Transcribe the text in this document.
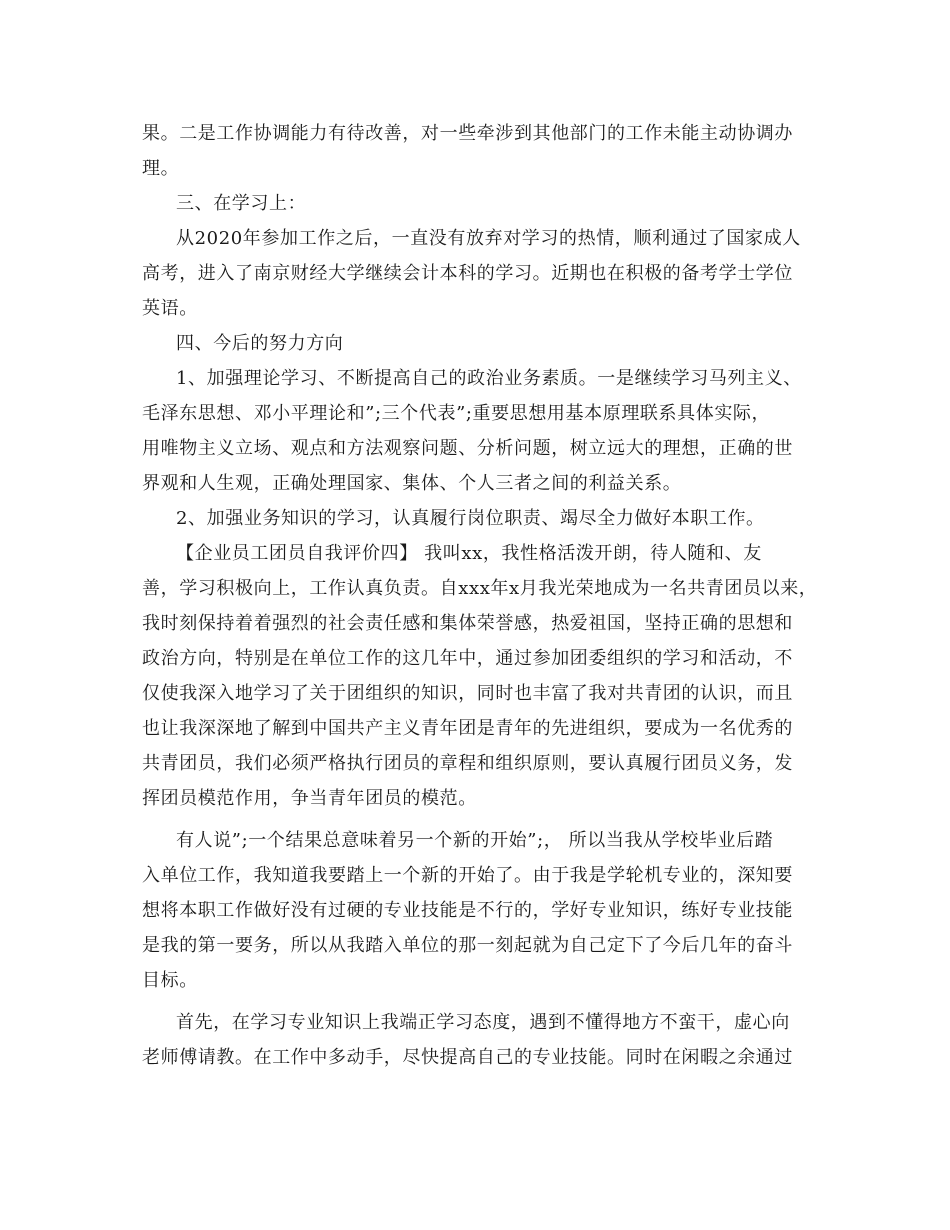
果。二是工作协调能力有待改善，对一些牵涉到其他部门的工作未能主动协调办
理。
三、在学习上：
从2020年参加工作之后，一直没有放弃对学习的热情，顺利通过了国家成人
高考，进入了南京财经大学继续会计本科的学习。近期也在积极的备考学士学位
英语。
四、今后的努力方向
1、加强理论学习、不断提高自己的政治业务素质。一是继续学习马列主义、
毛泽东思想、邓小平理论和”;三个代表”;重要思想用基本原理联系具体实际，
用唯物主义立场、观点和方法观察问题、分析问题，树立远大的理想，正确的世
界观和人生观，正确处理国家、集体、个人三者之间的利益关系。
2、加强业务知识的学习，认真履行岗位职责、竭尽全力做好本职工作。
【企业员工团员自我评价四】 我叫xx，我性格活泼开朗，待人随和、友
善，学习积极向上，工作认真负责。自xxx年x月我光荣地成为一名共青团员以来，
我时刻保持着着强烈的社会责任感和集体荣誉感，热爱祖国，坚持正确的思想和
政治方向，特别是在单位工作的这几年中，通过参加团委组织的学习和活动，不
仅使我深入地学习了关于团组织的知识，同时也丰富了我对共青团的认识，而且
也让我深深地了解到中国共产主义青年团是青年的先进组织，要成为一名优秀的
共青团员，我们必须严格执行团员的章程和组织原则，要认真履行团员义务，发
挥团员模范作用，争当青年团员的模范。
有人说”;一个结果总意味着另一个新的开始”;， 所以当我从学校毕业后踏
入单位工作，我知道我要踏上一个新的开始了。由于我是学轮机专业的，深知要
想将本职工作做好没有过硬的专业技能是不行的，学好专业知识，练好专业技能
是我的第一要务，所以从我踏入单位的那一刻起就为自己定下了今后几年的奋斗
目标。
首先，在学习专业知识上我端正学习态度，遇到不懂得地方不蛮干，虚心向
老师傅请教。在工作中多动手，尽快提高自己的专业技能。同时在闲暇之余通过
